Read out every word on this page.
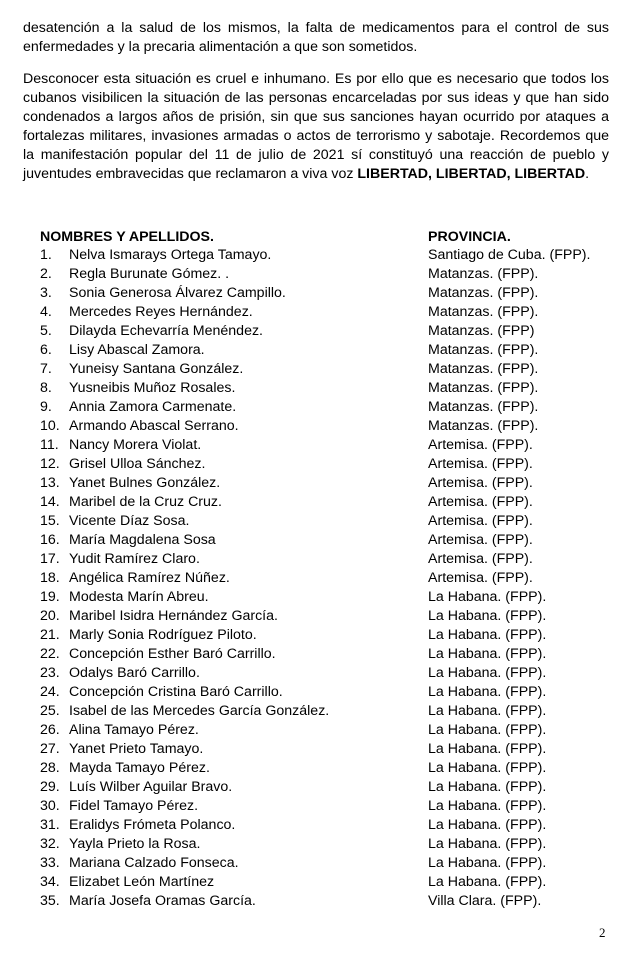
desatención a la salud de los mismos, la falta de medicamentos para el control de sus enfermedades y la precaria alimentación a que son sometidos.

Desconocer esta situación es cruel e inhumano. Es por ello que es necesario que todos los cubanos visibilicen la situación de las personas encarceladas por sus ideas y que han sido condenados a largos años de prisión, sin que sus sanciones hayan ocurrido por ataques a fortalezas militares, invasiones armadas o actos de terrorismo y sabotaje. Recordemos que la manifestación popular del 11 de julio de 2021 sí constituyó una reacción de pueblo y juventudes embravecidas que reclamaron a viva voz LIBERTAD, LIBERTAD, LIBERTAD.

NOMBRES Y APELLIDOS.	PROVINCIA.
1. Nelva Ismarays Ortega Tamayo.	Santiago de Cuba. (FPP).
2. Regla Burunate Gómez. .	Matanzas. (FPP).
3. Sonia Generosa Álvarez Campillo.	Matanzas. (FPP).
4. Mercedes Reyes Hernández.	Matanzas. (FPP).
5. Dilayda Echevarría Menéndez.	Matanzas. (FPP)
6. Lisy Abascal Zamora.	Matanzas. (FPP).
7. Yuneisy Santana González.	Matanzas. (FPP).
8. Yusneibis Muñoz Rosales.	Matanzas. (FPP).
9. Annia Zamora Carmenate.	Matanzas. (FPP).
10. Armando Abascal Serrano.	Matanzas. (FPP).
11. Nancy Morera Violat.	Artemisa. (FPP).
12. Grisel Ulloa Sánchez.	Artemisa. (FPP).
13. Yanet Bulnes González.	Artemisa. (FPP).
14. Maribel de la Cruz Cruz.	Artemisa. (FPP).
15. Vicente Díaz Sosa.	Artemisa. (FPP).
16. María Magdalena Sosa	Artemisa. (FPP).
17. Yudit Ramírez Claro.	Artemisa. (FPP).
18. Angélica Ramírez Núñez.	Artemisa. (FPP).
19. Modesta Marín Abreu.	La Habana. (FPP).
20. Maribel Isidra Hernández García.	La Habana. (FPP).
21. Marly Sonia Rodríguez Piloto.	La Habana. (FPP).
22. Concepción Esther Baró Carrillo.	La Habana. (FPP).
23. Odalys Baró Carrillo.	La Habana. (FPP).
24. Concepción Cristina Baró Carrillo.	La Habana. (FPP).
25. Isabel de las Mercedes García González.	La Habana. (FPP).
26. Alina Tamayo Pérez.	La Habana. (FPP).
27. Yanet Prieto Tamayo.	La Habana. (FPP).
28. Mayda Tamayo Pérez.	La Habana. (FPP).
29. Luís Wilber Aguilar Bravo.	La Habana. (FPP).
30. Fidel Tamayo Pérez.	La Habana. (FPP).
31. Eralidys Frómeta Polanco.	La Habana. (FPP).
32. Yayla Prieto la Rosa.	La Habana. (FPP).
33. Mariana Calzado Fonseca.	La Habana. (FPP).
34. Elizabet León Martínez	La Habana. (FPP).
35. María Josefa Oramas García.	Villa Clara. (FPP).
2
